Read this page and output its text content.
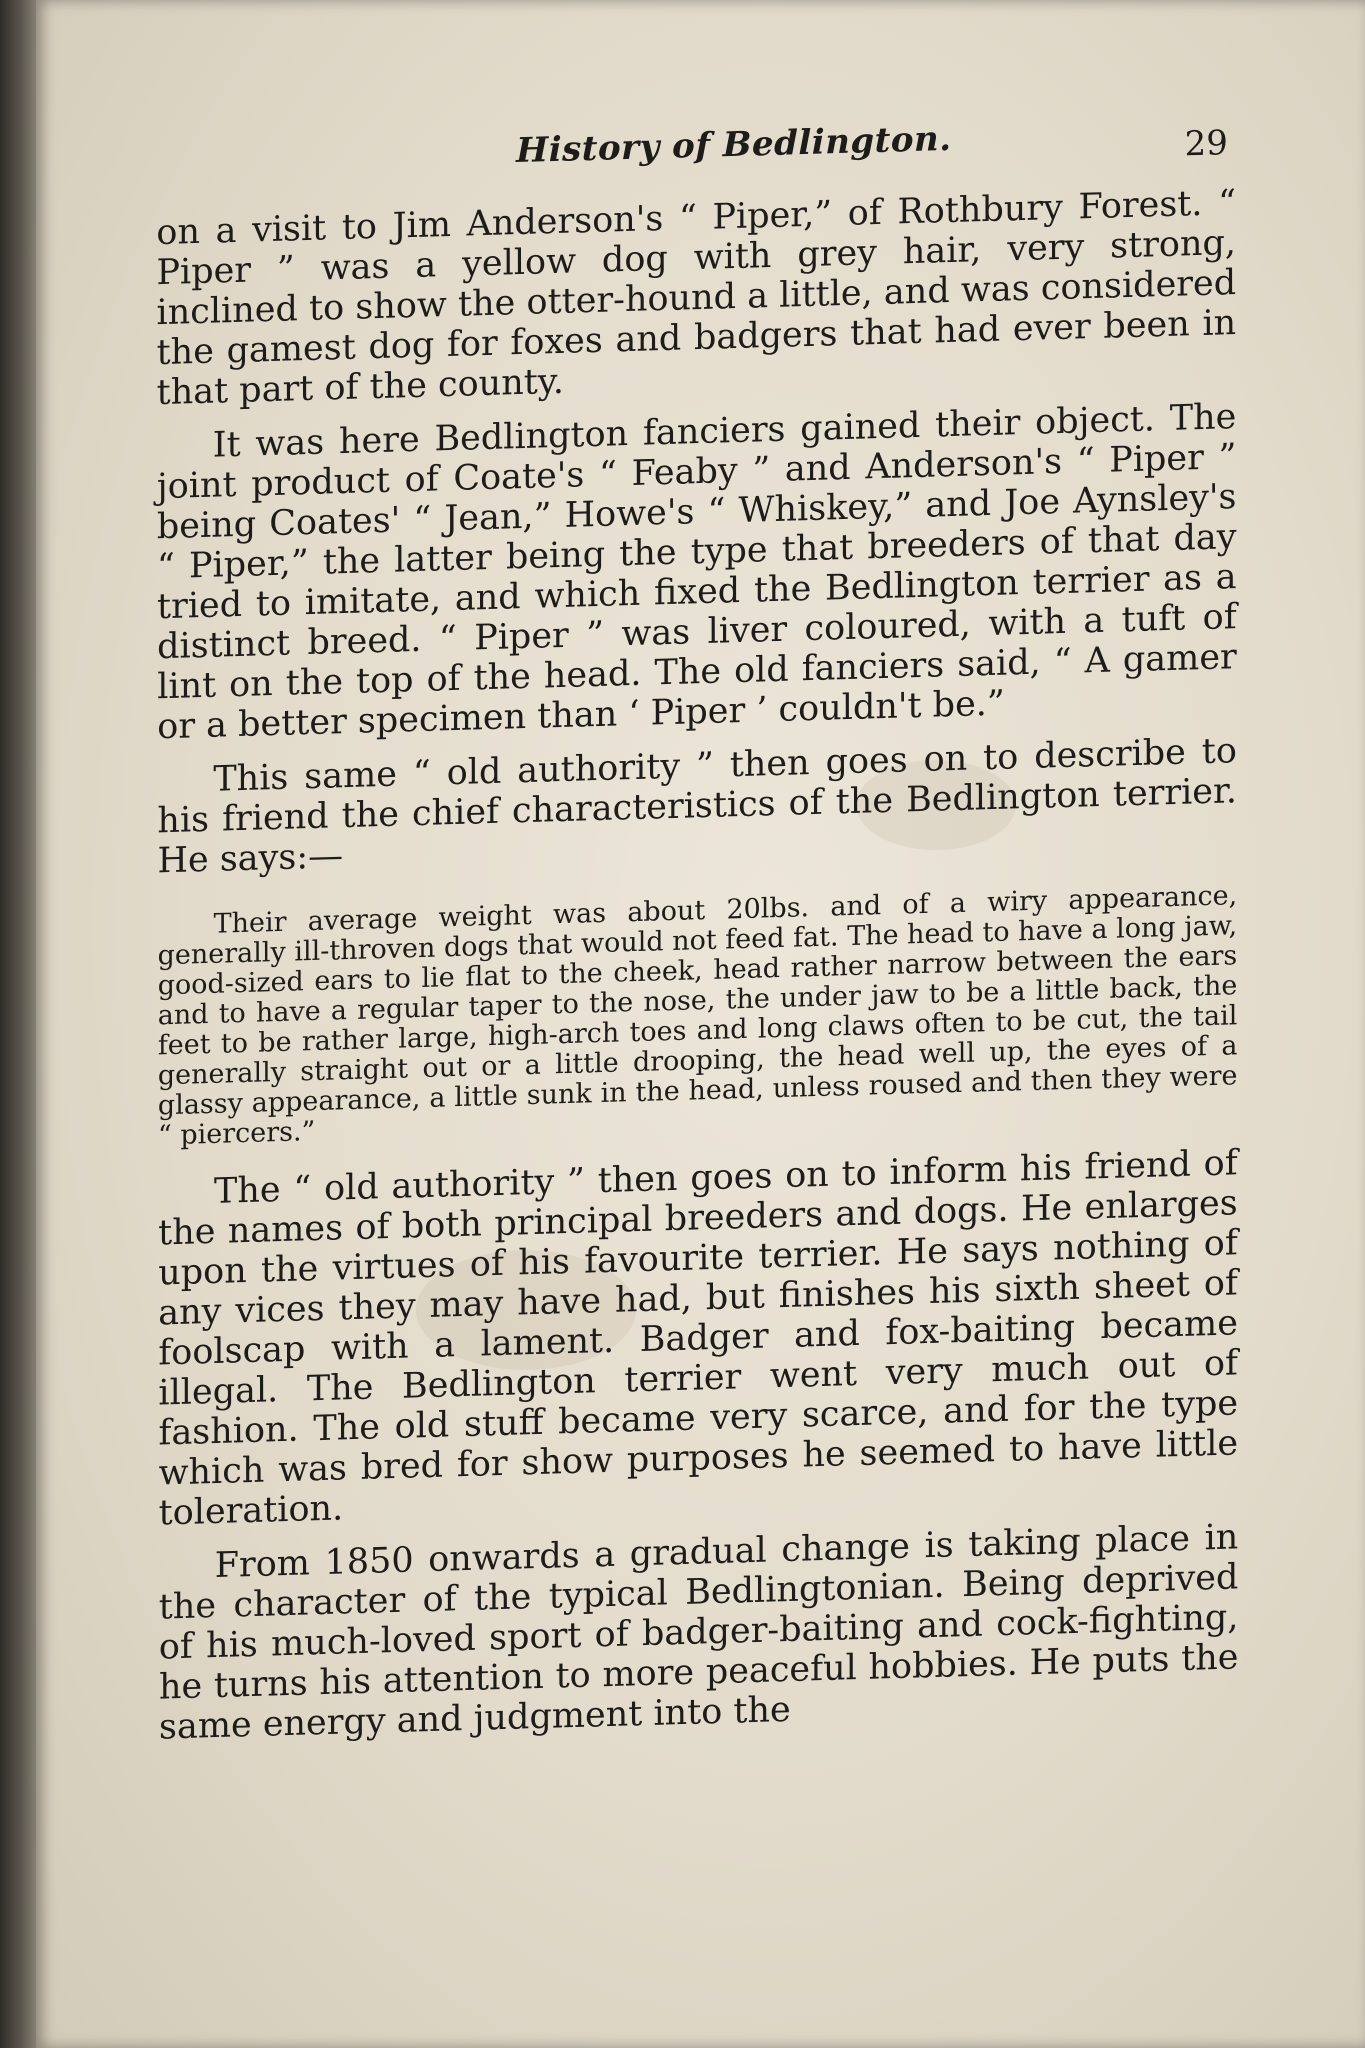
History of Bedlington.	29

on a visit to Jim Anderson's “ Piper,” of Rothbury Forest. “ Piper ” was a yellow dog with grey hair, very strong, inclined to show the otter-hound a little, and was considered the gamest dog for foxes and badgers that had ever been in that part of the county.

It was here Bedlington fanciers gained their object. The joint product of Coate's “ Feaby ” and Anderson's “ Piper ” being Coates' “ Jean,” Howe's “ Whiskey,” and Joe Aynsley's “ Piper,” the latter being the type that breeders of that day tried to imitate, and which fixed the Bedlington terrier as a distinct breed. “ Piper ” was liver coloured, with a tuft of lint on the top of the head. The old fanciers said, “ A gamer or a better specimen than ‘ Piper ’ couldn't be.”

This same “ old authority ” then goes on to describe to his friend the chief characteristics of the Bedlington terrier. He says:—

Their average weight was about 20lbs. and of a wiry appearance, generally ill-throven dogs that would not feed fat. The head to have a long jaw, good-sized ears to lie flat to the cheek, head rather narrow between the ears and to have a regular taper to the nose, the under jaw to be a little back, the feet to be rather large, high-arch toes and long claws often to be cut, the tail generally straight out or a little drooping, the head well up, the eyes of a glassy appearance, a little sunk in the head, unless roused and then they were “ piercers.”

The “ old authority ” then goes on to inform his friend of the names of both principal breeders and dogs. He enlarges upon the virtues of his favourite terrier. He says nothing of any vices they may have had, but finishes his sixth sheet of foolscap with a lament. Badger and fox-baiting became illegal. The Bedlington terrier went very much out of fashion. The old stuff became very scarce, and for the type which was bred for show purposes he seemed to have little toleration.

From 1850 onwards a gradual change is taking place in the character of the typical Bedlingtonian. Being deprived of his much-loved sport of badger-baiting and cock-fighting, he turns his attention to more peaceful hobbies. He puts the same energy and judgment into the
